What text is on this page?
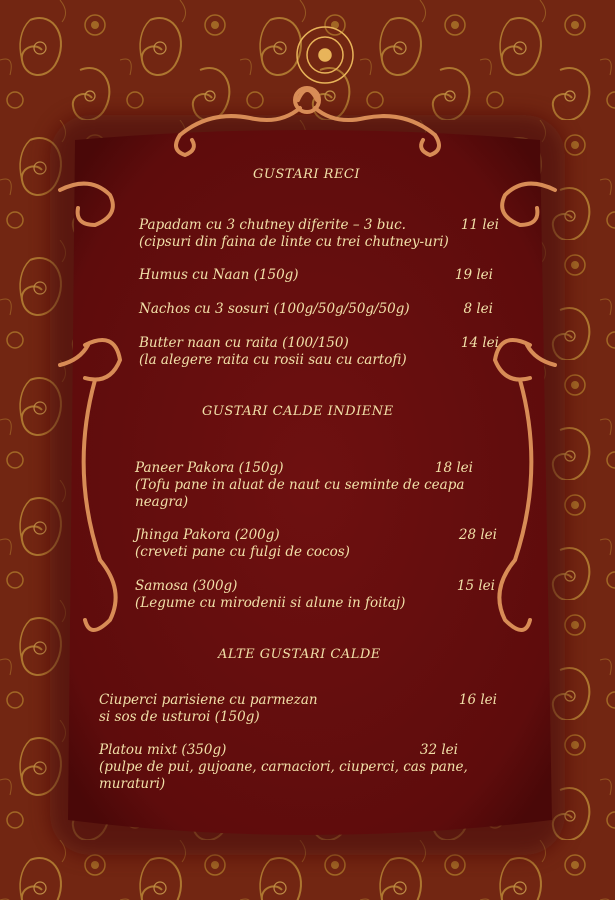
GUSTARI RECI
Papadam cu 3 chutney diferite – 3 buc.	11 lei
(cipsuri din faina de linte cu trei chutney-uri)
Humus cu Naan (150g)	19 lei
Nachos cu 3 sosuri (100g/50g/50g/50g)	8 lei
Butter naan cu raita (100/150)	14 lei
(la alegere raita cu rosii sau cu cartofi)
GUSTARI CALDE INDIENE
Paneer Pakora (150g)	18 lei
(Tofu pane in aluat de naut cu seminte de ceapa
neagra)
Jhinga Pakora (200g)	28 lei
(creveti pane cu fulgi de cocos)
Samosa (300g)	15 lei
(Legume cu mirodenii si alune in foitaj)
ALTE GUSTARI CALDE
Ciuperci parisiene cu parmezan	16 lei
si sos de usturoi (150g)
Platou mixt (350g)	32 lei
(pulpe de pui, gujoane, carnaciori, ciuperci, cas pane,
muraturi)
